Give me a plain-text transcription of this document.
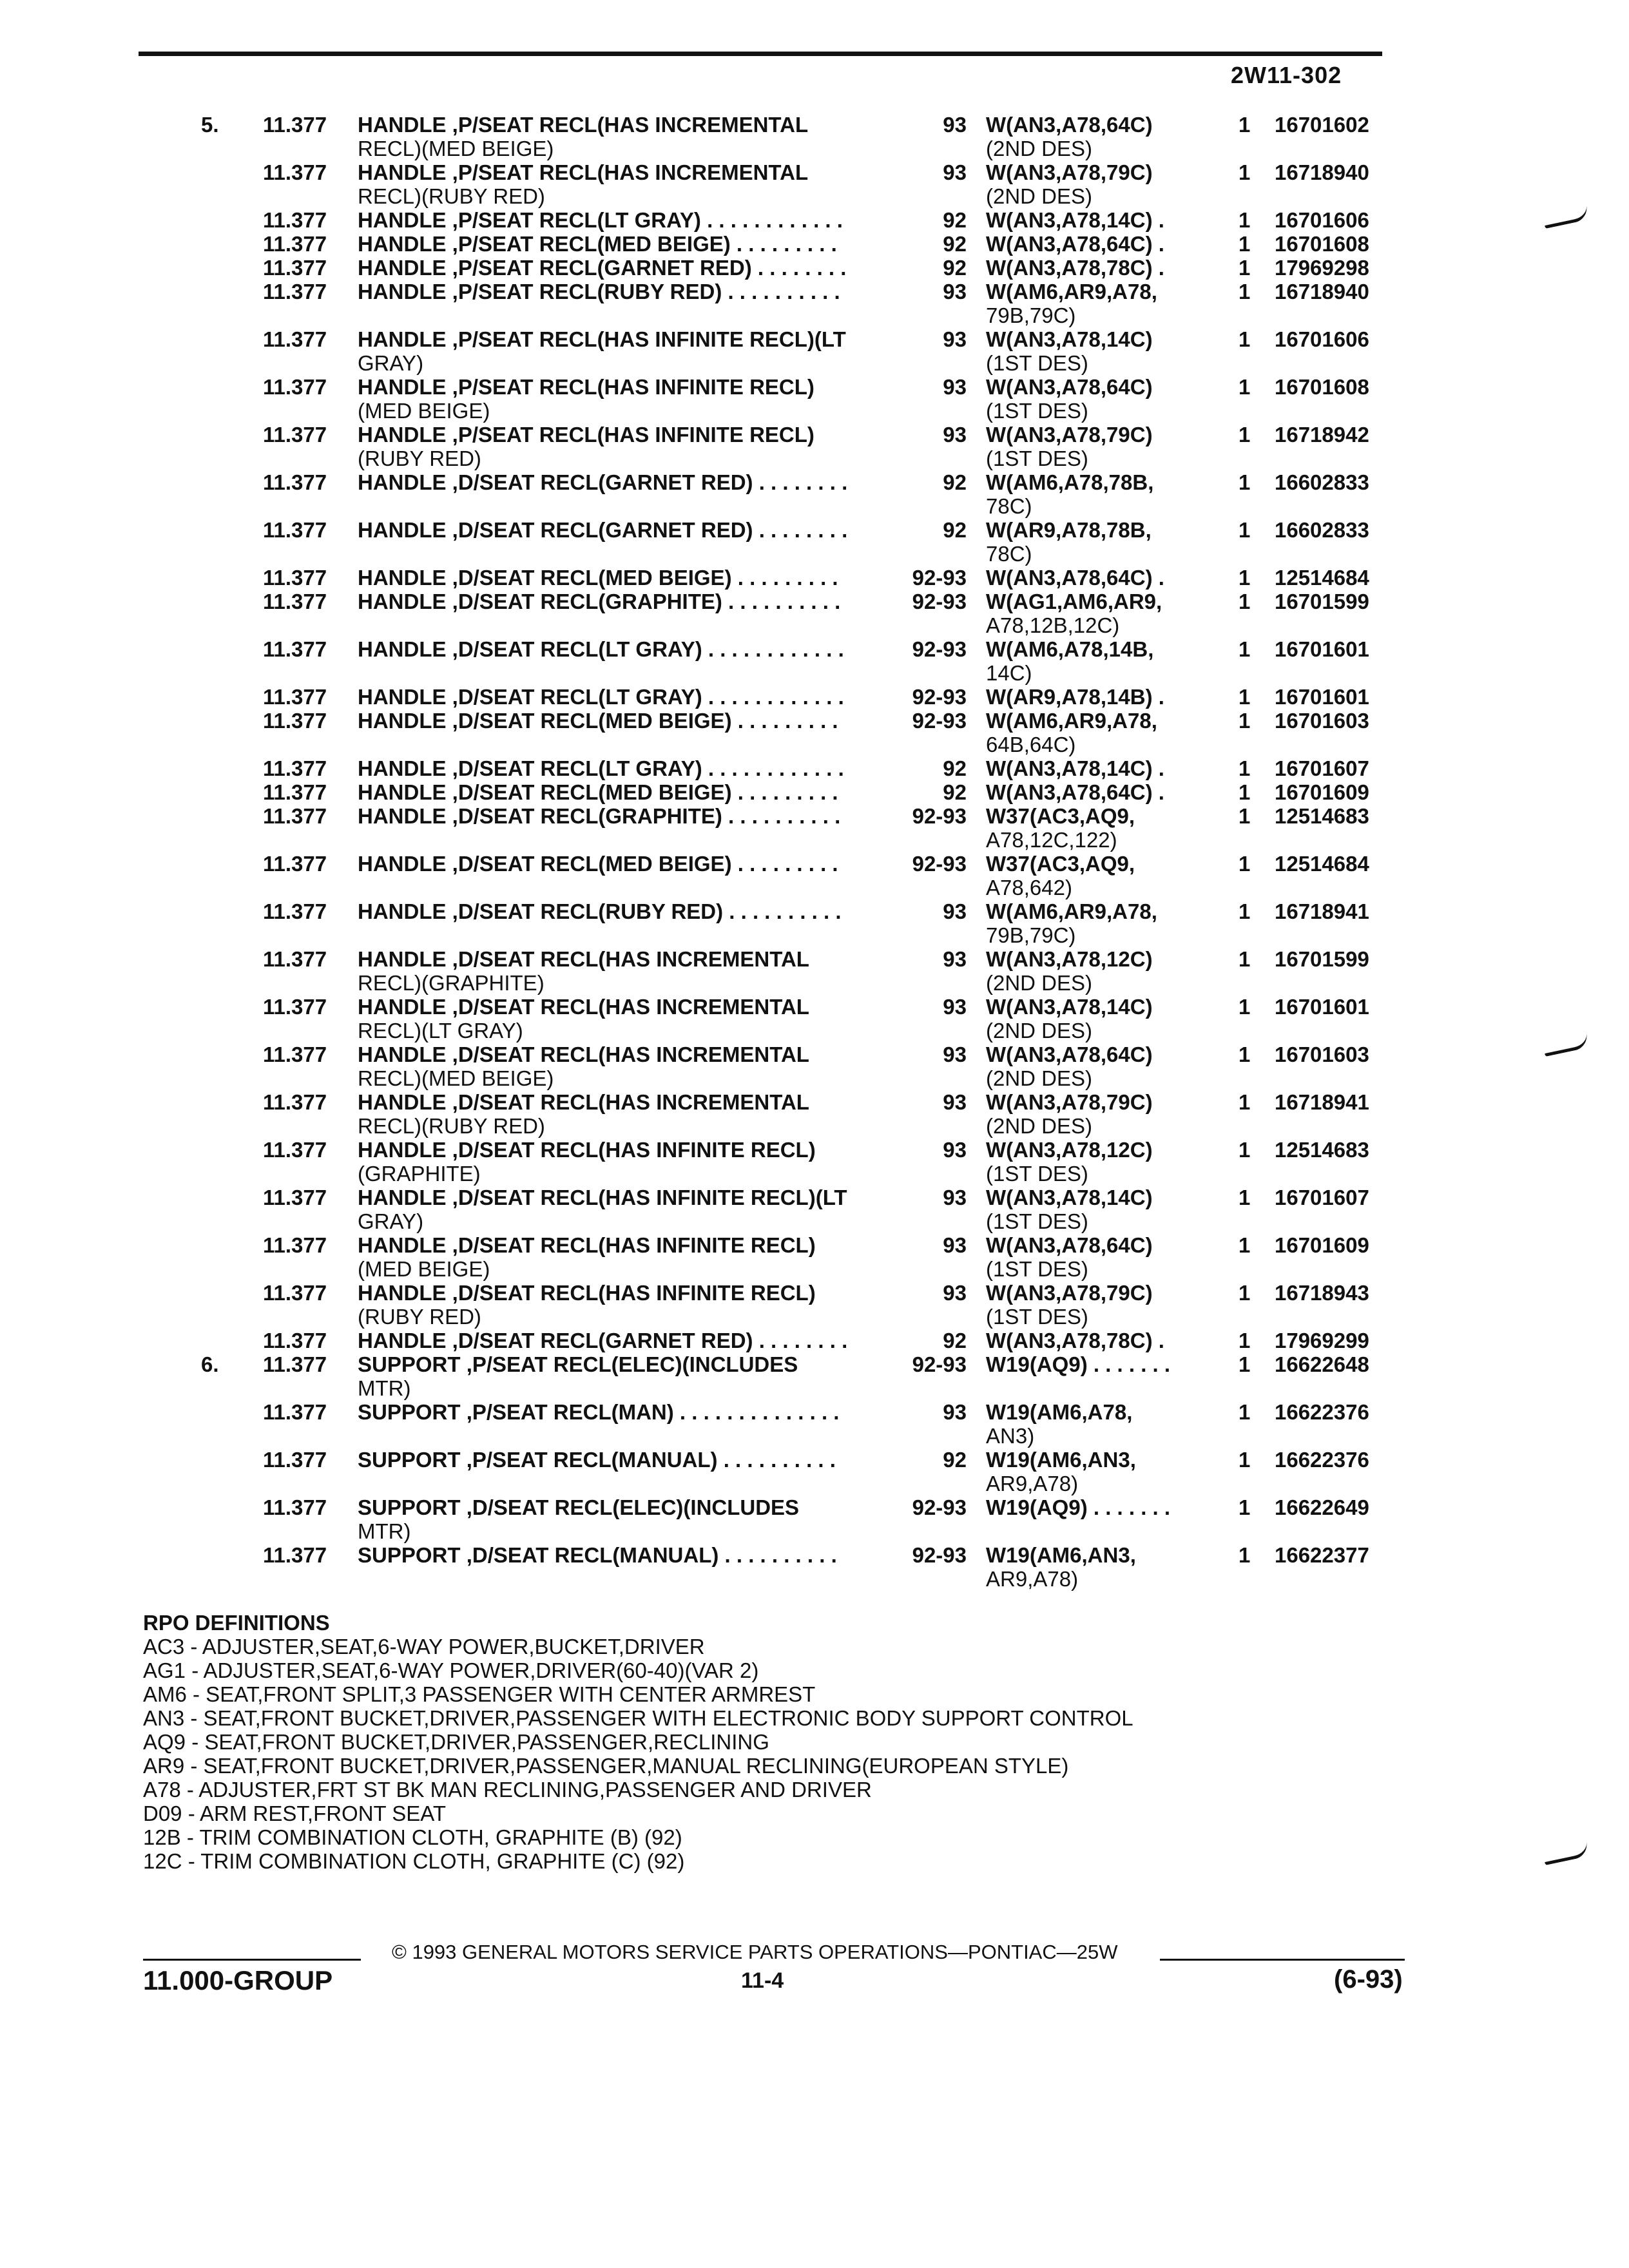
2W11-302
5. 11.377 HANDLE ,P/SEAT RECL(HAS INCREMENTAL	93 W(AN3,A78,64C)	1 16701602
RECL)(MED BEIGE)	(2ND DES)
11.377 HANDLE ,P/SEAT RECL(HAS INCREMENTAL	93 W(AN3,A78,79C)	1 16718940
RECL)(RUBY RED)	(2ND DES)
11.377 HANDLE ,P/SEAT RECL(LT GRAY) . . . . . . . . . . . .	92 W(AN3,A78,14C) .	1 16701606
11.377 HANDLE ,P/SEAT RECL(MED BEIGE) . . . . . . . . .	92 W(AN3,A78,64C) .	1 16701608
11.377 HANDLE ,P/SEAT RECL(GARNET RED) . . . . . . . .	92 W(AN3,A78,78C) .	1 17969298
11.377 HANDLE ,P/SEAT RECL(RUBY RED) . . . . . . . . . .	93 W(AM6,AR9,A78,	1 16718940
79B,79C)
11.377 HANDLE ,P/SEAT RECL(HAS INFINITE RECL)(LT	93 W(AN3,A78,14C)	1 16701606
GRAY)	(1ST DES)
11.377 HANDLE ,P/SEAT RECL(HAS INFINITE RECL)	93 W(AN3,A78,64C)	1 16701608
(MED BEIGE)	(1ST DES)
11.377 HANDLE ,P/SEAT RECL(HAS INFINITE RECL)	93 W(AN3,A78,79C)	1 16718942
(RUBY RED)	(1ST DES)
11.377 HANDLE ,D/SEAT RECL(GARNET RED) . . . . . . . .	92 W(AM6,A78,78B,	1 16602833
78C)
11.377 HANDLE ,D/SEAT RECL(GARNET RED) . . . . . . . .	92 W(AR9,A78,78B,	1 16602833
78C)
11.377 HANDLE ,D/SEAT RECL(MED BEIGE) . . . . . . . . .	92-93 W(AN3,A78,64C) .	1 12514684
11.377 HANDLE ,D/SEAT RECL(GRAPHITE) . . . . . . . . . .	92-93 W(AG1,AM6,AR9,	1 16701599
A78,12B,12C)
11.377 HANDLE ,D/SEAT RECL(LT GRAY) . . . . . . . . . . . .	92-93 W(AM6,A78,14B,	1 16701601
14C)
11.377 HANDLE ,D/SEAT RECL(LT GRAY) . . . . . . . . . . . .	92-93 W(AR9,A78,14B) .	1 16701601
11.377 HANDLE ,D/SEAT RECL(MED BEIGE) . . . . . . . . .	92-93 W(AM6,AR9,A78,	1 16701603
64B,64C)
11.377 HANDLE ,D/SEAT RECL(LT GRAY) . . . . . . . . . . . .	92 W(AN3,A78,14C) .	1 16701607
11.377 HANDLE ,D/SEAT RECL(MED BEIGE) . . . . . . . . .	92 W(AN3,A78,64C) .	1 16701609
11.377 HANDLE ,D/SEAT RECL(GRAPHITE) . . . . . . . . . .	92-93 W37(AC3,AQ9,	1 12514683
A78,12C,122)
11.377 HANDLE ,D/SEAT RECL(MED BEIGE) . . . . . . . . .	92-93 W37(AC3,AQ9,	1 12514684
A78,642)
11.377 HANDLE ,D/SEAT RECL(RUBY RED) . . . . . . . . . .	93 W(AM6,AR9,A78,	1 16718941
79B,79C)
11.377 HANDLE ,D/SEAT RECL(HAS INCREMENTAL	93 W(AN3,A78,12C)	1 16701599
RECL)(GRAPHITE)	(2ND DES)
11.377 HANDLE ,D/SEAT RECL(HAS INCREMENTAL	93 W(AN3,A78,14C)	1 16701601
RECL)(LT GRAY)	(2ND DES)
11.377 HANDLE ,D/SEAT RECL(HAS INCREMENTAL	93 W(AN3,A78,64C)	1 16701603
RECL)(MED BEIGE)	(2ND DES)
11.377 HANDLE ,D/SEAT RECL(HAS INCREMENTAL	93 W(AN3,A78,79C)	1 16718941
RECL)(RUBY RED)	(2ND DES)
11.377 HANDLE ,D/SEAT RECL(HAS INFINITE RECL)	93 W(AN3,A78,12C)	1 12514683
(GRAPHITE)	(1ST DES)
11.377 HANDLE ,D/SEAT RECL(HAS INFINITE RECL)(LT	93 W(AN3,A78,14C)	1 16701607
GRAY)	(1ST DES)
11.377 HANDLE ,D/SEAT RECL(HAS INFINITE RECL)	93 W(AN3,A78,64C)	1 16701609
(MED BEIGE)	(1ST DES)
11.377 HANDLE ,D/SEAT RECL(HAS INFINITE RECL)	93 W(AN3,A78,79C)	1 16718943
(RUBY RED)	(1ST DES)
11.377 HANDLE ,D/SEAT RECL(GARNET RED) . . . . . . . .	92 W(AN3,A78,78C) .	1 17969299
6. 11.377 SUPPORT ,P/SEAT RECL(ELEC)(INCLUDES	92-93 W19(AQ9) . . . . . . .	1 16622648
MTR)
11.377 SUPPORT ,P/SEAT RECL(MAN) . . . . . . . . . . . . . .	93 W19(AM6,A78,	1 16622376
AN3)
11.377 SUPPORT ,P/SEAT RECL(MANUAL) . . . . . . . . . .	92 W19(AM6,AN3,	1 16622376
AR9,A78)
11.377 SUPPORT ,D/SEAT RECL(ELEC)(INCLUDES	92-93 W19(AQ9) . . . . . . .	1 16622649
MTR)
11.377 SUPPORT ,D/SEAT RECL(MANUAL) . . . . . . . . . .	92-93 W19(AM6,AN3,	1 16622377
AR9,A78)
RPO DEFINITIONS
AC3 - ADJUSTER,SEAT,6-WAY POWER,BUCKET,DRIVER
AG1 - ADJUSTER,SEAT,6-WAY POWER,DRIVER(60-40)(VAR 2)
AM6 - SEAT,FRONT SPLIT,3 PASSENGER WITH CENTER ARMREST
AN3 - SEAT,FRONT BUCKET,DRIVER,PASSENGER WITH ELECTRONIC BODY SUPPORT CONTROL
AQ9 - SEAT,FRONT BUCKET,DRIVER,PASSENGER,RECLINING
AR9 - SEAT,FRONT BUCKET,DRIVER,PASSENGER,MANUAL RECLINING(EUROPEAN STYLE)
A78 - ADJUSTER,FRT ST BK MAN RECLINING,PASSENGER AND DRIVER
D09 - ARM REST,FRONT SEAT
12B - TRIM COMBINATION CLOTH, GRAPHITE (B) (92)
12C - TRIM COMBINATION CLOTH, GRAPHITE (C) (92)
© 1993 GENERAL MOTORS SERVICE PARTS OPERATIONS—PONTIAC—25W
11.000-GROUP	11-4	(6-93)
